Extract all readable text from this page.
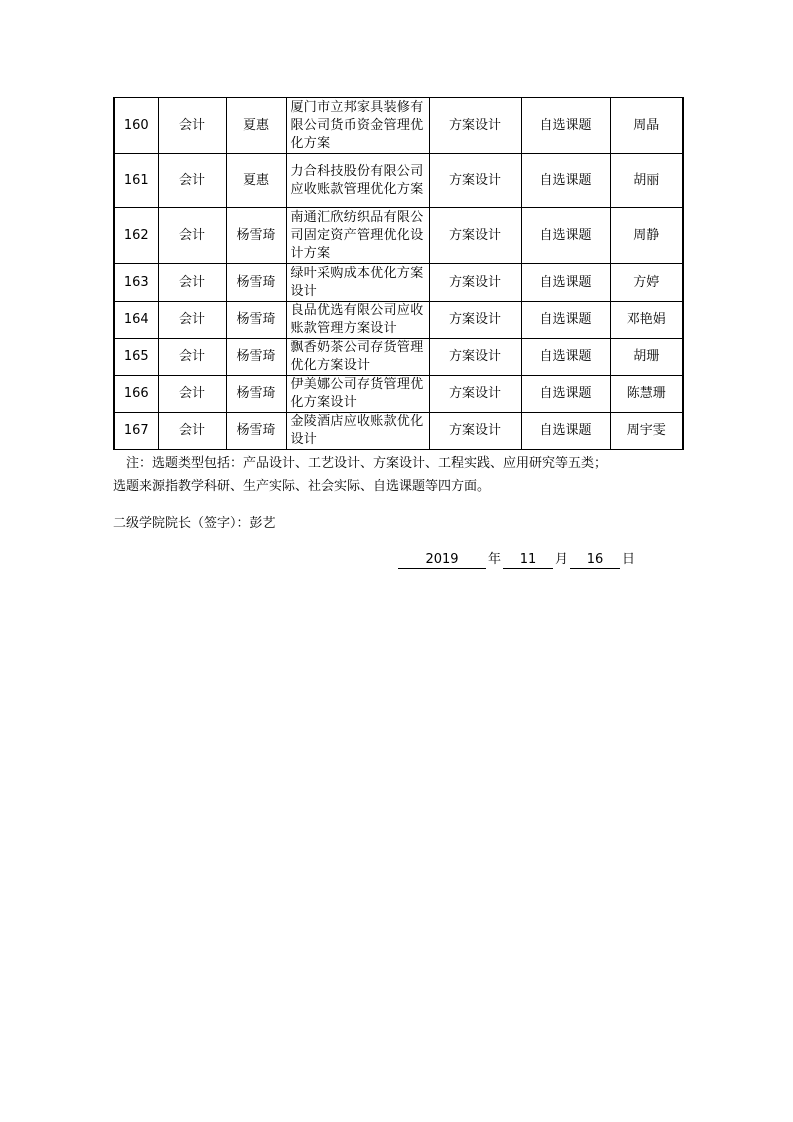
160	会计	夏惠	厦门市立邦家具装修有限公司货币资金管理优化方案	方案设计	自选课题	周晶
161	会计	夏惠	力合科技股份有限公司应收账款管理优化方案	方案设计	自选课题	胡丽
162	会计	杨雪琦	南通汇欣纺织品有限公司固定资产管理优化设计方案	方案设计	自选课题	周静
163	会计	杨雪琦	绿叶采购成本优化方案设计	方案设计	自选课题	方婷
164	会计	杨雪琦	良品优选有限公司应收账款管理方案设计	方案设计	自选课题	邓艳娟
165	会计	杨雪琦	飘香奶茶公司存货管理优化方案设计	方案设计	自选课题	胡珊
166	会计	杨雪琦	伊美娜公司存货管理优化方案设计	方案设计	自选课题	陈慧珊
167	会计	杨雪琦	金陵酒店应收账款优化设计	方案设计	自选课题	周宇雯
注：选题类型包括：产品设计、工艺设计、方案设计、工程实践、应用研究等五类；
选题来源指教学科研、生产实际、社会实际、自选课题等四方面。
二级学院院长（签字）：彭艺
2019 年 11 月 16 日
